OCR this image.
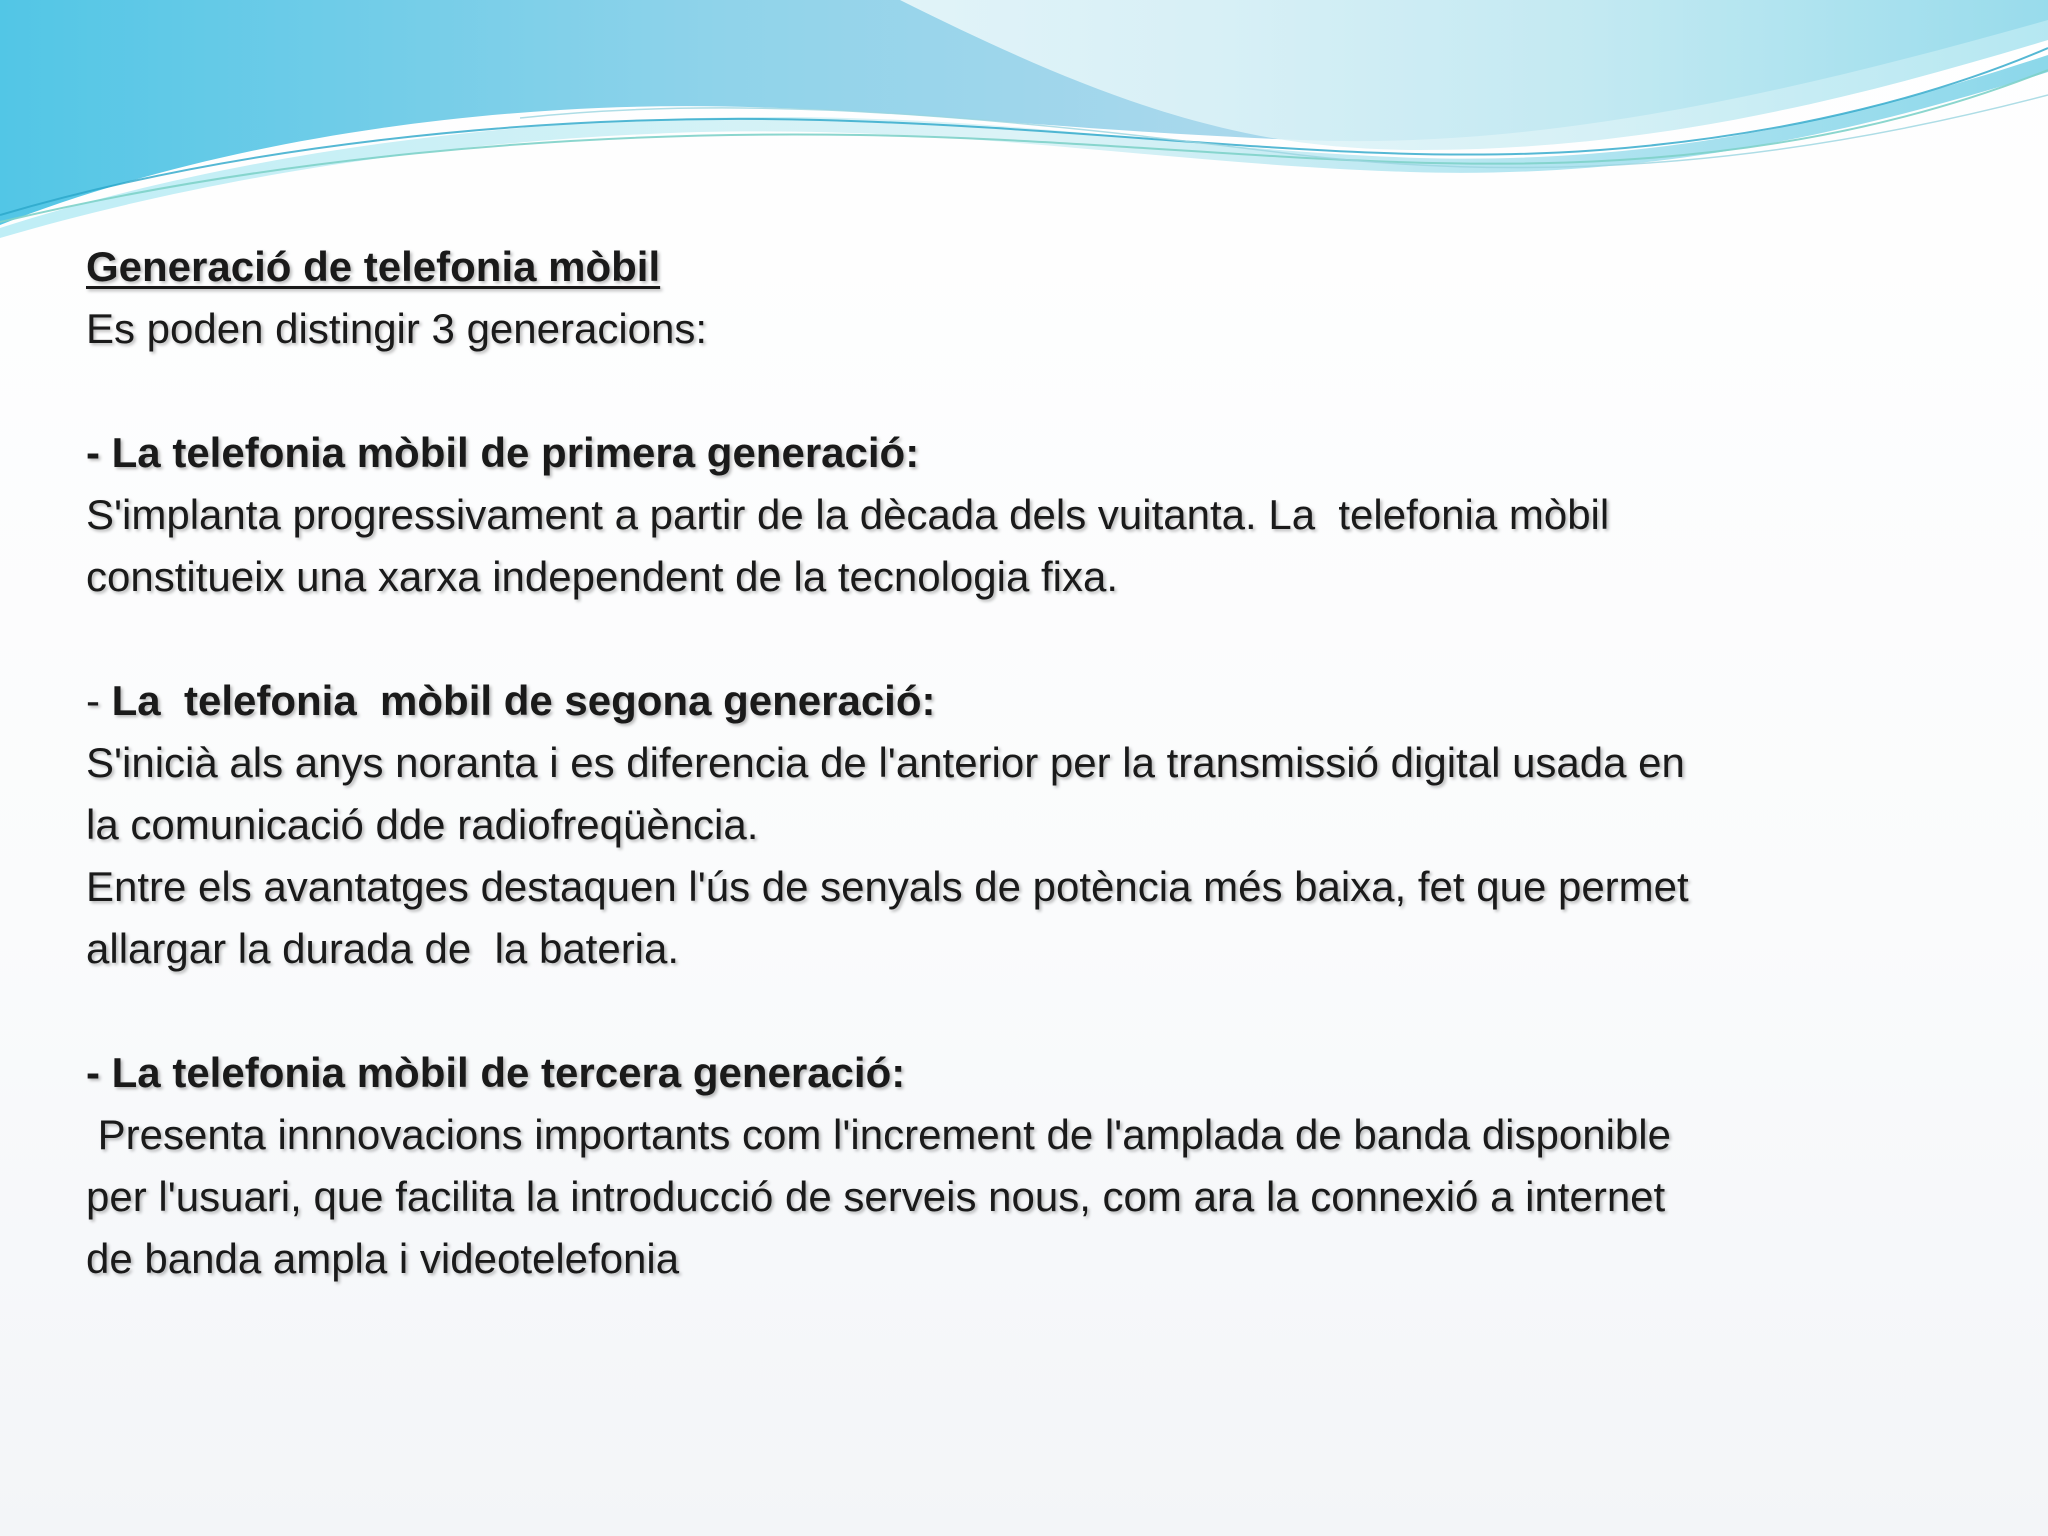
Generació de telefonia mòbil
Es poden distingir 3 generacions:
- La telefonia mòbil de primera generació:
S'implanta progressivament a partir de la dècada dels vuitanta. La  telefonia mòbil
constitueix una xarxa independent de la tecnologia fixa.
- La  telefonia  mòbil de segona generació:
S'inicià als anys noranta i es diferencia de l'anterior per la transmissió digital usada en
la comunicació dde radiofreqüència.
Entre els avantatges destaquen l'ús de senyals de potència més baixa, fet que permet
allargar la durada de  la bateria.
- La telefonia mòbil de tercera generació:
Presenta innnovacions importants com l'increment de l'amplada de banda disponible
per l'usuari, que facilita la introducció de serveis nous, com ara la connexió a internet
de banda ampla i videotelefonia
